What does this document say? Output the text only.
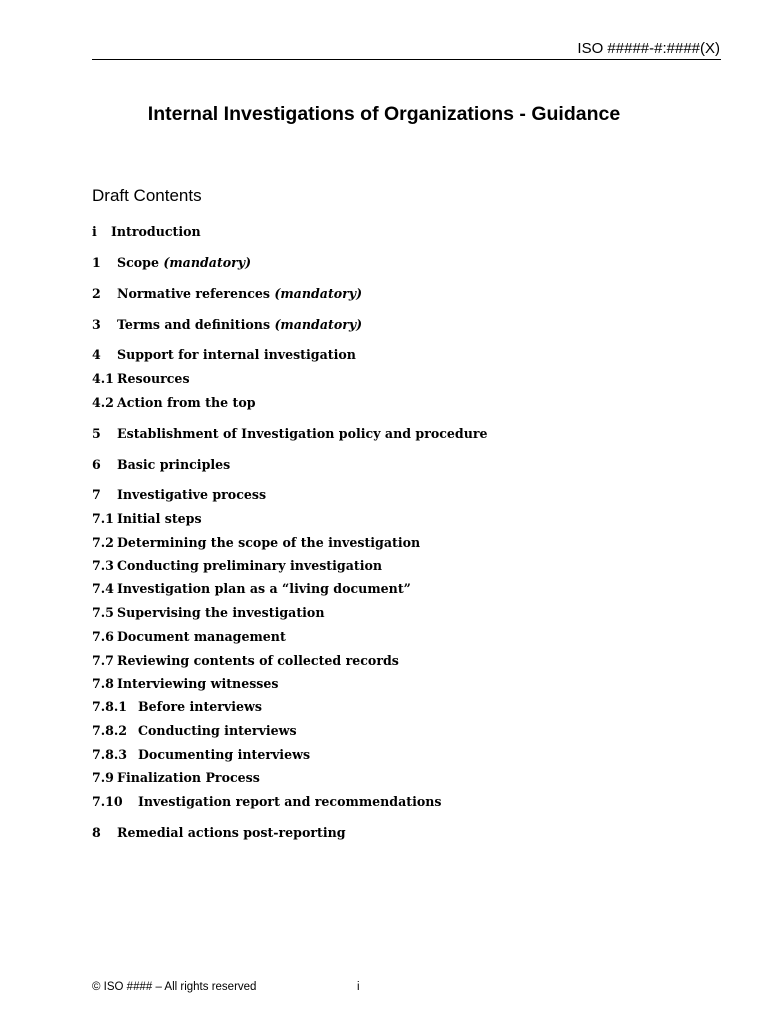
ISO #####-#:####(X)
Internal Investigations of Organizations - Guidance
Draft Contents
i Introduction
1 Scope (mandatory)
2 Normative references (mandatory)
3 Terms and definitions (mandatory)
4 Support for internal investigation
4.1 Resources
4.2 Action from the top
5 Establishment of Investigation policy and procedure
6 Basic principles
7 Investigative process
7.1 Initial steps
7.2 Determining the scope of the investigation
7.3 Conducting preliminary investigation
7.4 Investigation plan as a “living document”
7.5 Supervising the investigation
7.6 Document management
7.7 Reviewing contents of collected records
7.8 Interviewing witnesses
7.8.1 Before interviews
7.8.2 Conducting interviews
7.8.3 Documenting interviews
7.9 Finalization Process
7.10 Investigation report and recommendations
8 Remedial actions post-reporting
© ISO #### – All rights reserved	i
